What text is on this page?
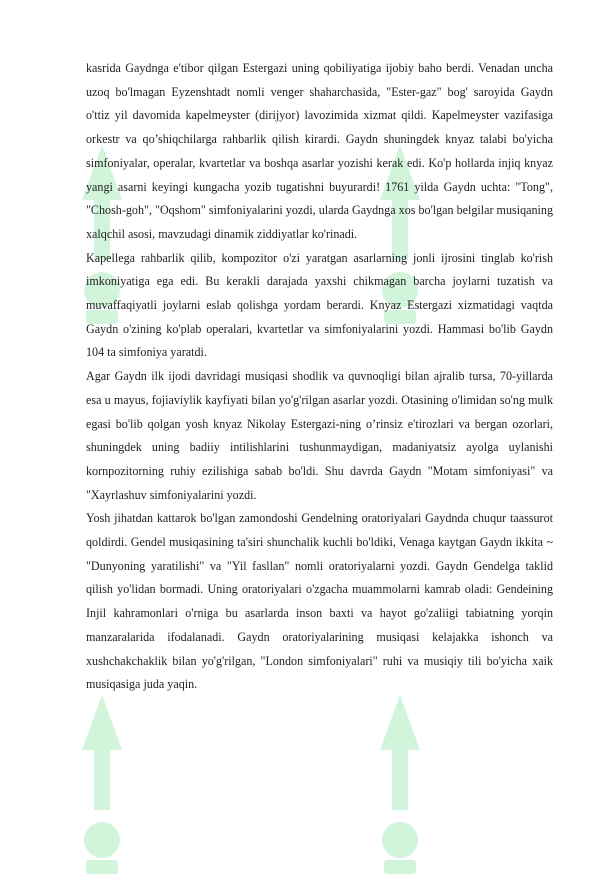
kasrida Gaydnga e'tibor qilgan Estergazi uning qobiliyatiga ijobiy baho berdi. Venadan uncha uzoq bo'lmagan Eyzenshtadt nomli venger shaharchasida, "Ester-gaz" bog' saroyida Gaydn o'ttiz yil davomida kapelmeyster (dirijyor) lavozimida xizmat qildi. Kapelmeyster vazifasiga orkestr va qo’shiqchilarga rahbarlik qilish kirardi. Gaydn shuningdek knyaz talabi bo'yicha simfoniyalar, operalar, kvartetlar va boshqa asarlar yozishi kerak edi. Ko'p hollarda injiq knyaz yangi asarni keyingi kungacha yozib tugatishni buyurardi! 1761 yilda Gaydn uchta: "Tong", "Chosh-goh", "Oqshom" simfoniyalarini yozdi, ularda Gaydnga xos bo'lgan belgilar musiqaning xalqchil asosi, mavzudagi dinamik ziddiyatlar ko'rinadi.

Kapellega rahbarlik qilib, kompozitor o'zi yaratgan asarlarning jonli ijrosini tinglab ko'rish imkoniyatiga ega edi. Bu kerakli darajada yaxshi chikmagan barcha joylarni tuzatish va muvaffaqiyatli joylarni eslab qolishga yordam berardi. Knyaz Estergazi xizmatidagi vaqtda Gaydn o'zining ko'plab operalari, kvartetlar va simfoniyalarini yozdi. Hammasi bo'lib Gaydn 104 ta simfoniya yaratdi.

Agar Gaydn ilk ijodi davridagi musiqasi shodlik va quvnoqligi bilan ajralib tursa, 70-yillarda esa u mayus, fojiaviylik kayfiyati bilan yo'g'rilgan asarlar yozdi. Otasining o'limidan so'ng mulk egasi bo'lib qolgan yosh knyaz Nikolay Estergazi-ning o’rinsiz e'tirozlari va bergan ozorlari, shuningdek uning badiiy intilishlarini tushunmaydigan, madaniyatsiz ayolga uylanishi kornpozitorning ruhiy ezilishiga sabab bo'ldi. Shu davrda Gaydn "Motam simfoniyasi" va "Xayrlashuv simfoniyalarini yozdi.

Yosh jihatdan kattarok bo'lgan zamondoshi Gendelning oratoriyalari Gaydnda chuqur taassurot qoldirdi. Gendel musiqasining ta'siri shunchalik kuchli bo'ldiki, Venaga kaytgan Gaydn ikkita ~ "Dunyoning yaratilishi" va "Yil fasllan" nomli oratoriyalarni yozdi. Gaydn Gendelga taklid qilish yo'lidan bormadi. Uning oratoriyalari o'zgacha muammolarni kamrab oladi: Gendeining Injil kahramonlari o'rniga bu asarlarda inson baxti va hayot go'zaliigi tabiatning yorqin manzaralarida ifodalanadi. Gaydn oratoriyalarining musiqasi kelajakka ishonch va xushchakchaklik bilan yo'g'rilgan, "London simfoniyalari" ruhi va musiqiy tili bo'yicha xaik musiqasiga juda yaqin.
